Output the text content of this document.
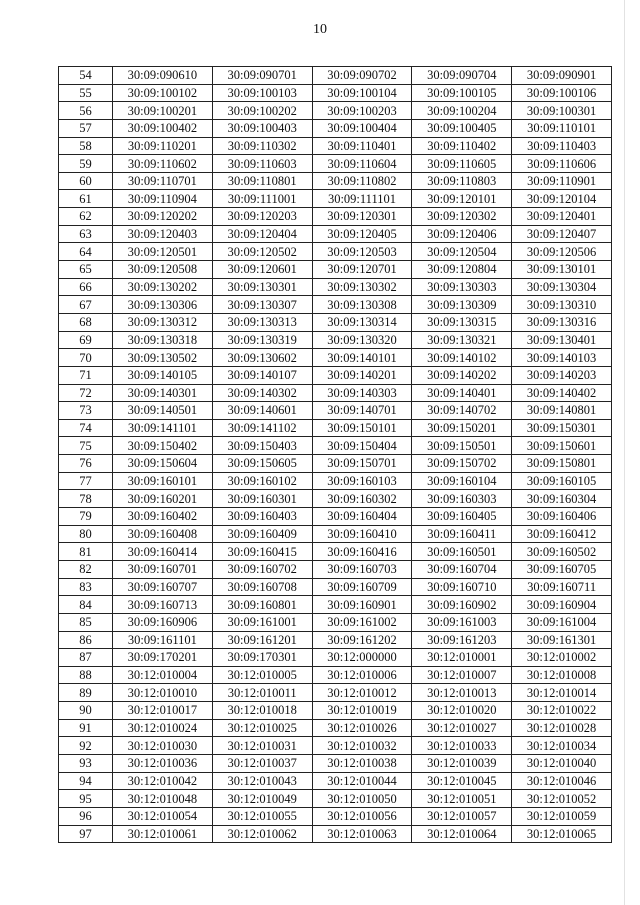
10
54	30:09:090610	30:09:090701	30:09:090702	30:09:090704	30:09:090901
55	30:09:100102	30:09:100103	30:09:100104	30:09:100105	30:09:100106
56	30:09:100201	30:09:100202	30:09:100203	30:09:100204	30:09:100301
57	30:09:100402	30:09:100403	30:09:100404	30:09:100405	30:09:110101
58	30:09:110201	30:09:110302	30:09:110401	30:09:110402	30:09:110403
59	30:09:110602	30:09:110603	30:09:110604	30:09:110605	30:09:110606
60	30:09:110701	30:09:110801	30:09:110802	30:09:110803	30:09:110901
61	30:09:110904	30:09:111001	30:09:111101	30:09:120101	30:09:120104
62	30:09:120202	30:09:120203	30:09:120301	30:09:120302	30:09:120401
63	30:09:120403	30:09:120404	30:09:120405	30:09:120406	30:09:120407
64	30:09:120501	30:09:120502	30:09:120503	30:09:120504	30:09:120506
65	30:09:120508	30:09:120601	30:09:120701	30:09:120804	30:09:130101
66	30:09:130202	30:09:130301	30:09:130302	30:09:130303	30:09:130304
67	30:09:130306	30:09:130307	30:09:130308	30:09:130309	30:09:130310
68	30:09:130312	30:09:130313	30:09:130314	30:09:130315	30:09:130316
69	30:09:130318	30:09:130319	30:09:130320	30:09:130321	30:09:130401
70	30:09:130502	30:09:130602	30:09:140101	30:09:140102	30:09:140103
71	30:09:140105	30:09:140107	30:09:140201	30:09:140202	30:09:140203
72	30:09:140301	30:09:140302	30:09:140303	30:09:140401	30:09:140402
73	30:09:140501	30:09:140601	30:09:140701	30:09:140702	30:09:140801
74	30:09:141101	30:09:141102	30:09:150101	30:09:150201	30:09:150301
75	30:09:150402	30:09:150403	30:09:150404	30:09:150501	30:09:150601
76	30:09:150604	30:09:150605	30:09:150701	30:09:150702	30:09:150801
77	30:09:160101	30:09:160102	30:09:160103	30:09:160104	30:09:160105
78	30:09:160201	30:09:160301	30:09:160302	30:09:160303	30:09:160304
79	30:09:160402	30:09:160403	30:09:160404	30:09:160405	30:09:160406
80	30:09:160408	30:09:160409	30:09:160410	30:09:160411	30:09:160412
81	30:09:160414	30:09:160415	30:09:160416	30:09:160501	30:09:160502
82	30:09:160701	30:09:160702	30:09:160703	30:09:160704	30:09:160705
83	30:09:160707	30:09:160708	30:09:160709	30:09:160710	30:09:160711
84	30:09:160713	30:09:160801	30:09:160901	30:09:160902	30:09:160904
85	30:09:160906	30:09:161001	30:09:161002	30:09:161003	30:09:161004
86	30:09:161101	30:09:161201	30:09:161202	30:09:161203	30:09:161301
87	30:09:170201	30:09:170301	30:12:000000	30:12:010001	30:12:010002
88	30:12:010004	30:12:010005	30:12:010006	30:12:010007	30:12:010008
89	30:12:010010	30:12:010011	30:12:010012	30:12:010013	30:12:010014
90	30:12:010017	30:12:010018	30:12:010019	30:12:010020	30:12:010022
91	30:12:010024	30:12:010025	30:12:010026	30:12:010027	30:12:010028
92	30:12:010030	30:12:010031	30:12:010032	30:12:010033	30:12:010034
93	30:12:010036	30:12:010037	30:12:010038	30:12:010039	30:12:010040
94	30:12:010042	30:12:010043	30:12:010044	30:12:010045	30:12:010046
95	30:12:010048	30:12:010049	30:12:010050	30:12:010051	30:12:010052
96	30:12:010054	30:12:010055	30:12:010056	30:12:010057	30:12:010059
97	30:12:010061	30:12:010062	30:12:010063	30:12:010064	30:12:010065
